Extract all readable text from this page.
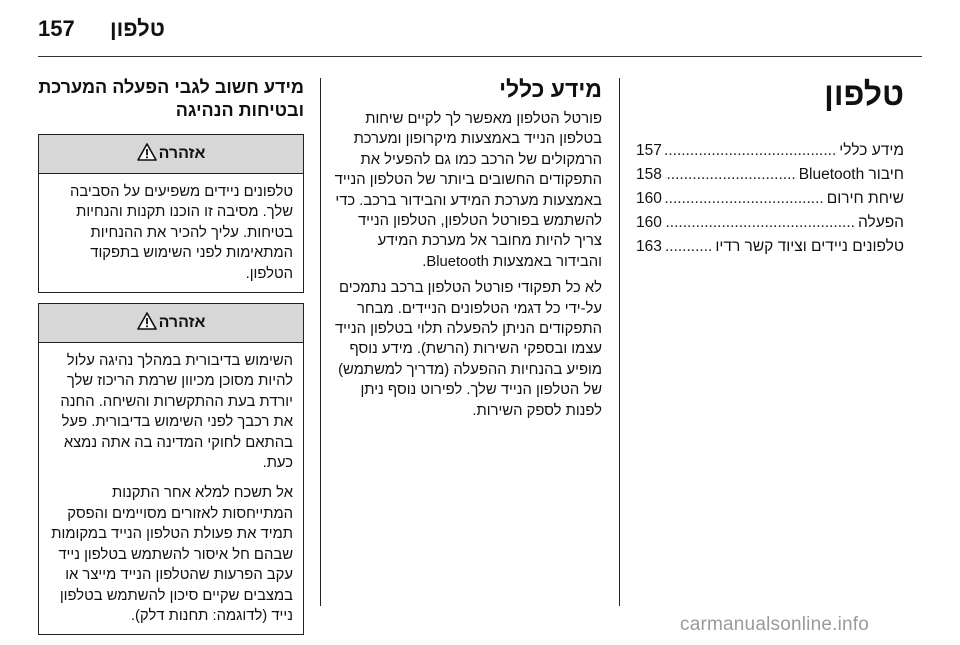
157 טלפון
טלפון
מידע כללי
.....
157
חיבור Bluetooth
.....
158
שיחת חירום
.....
160
הפעלה
.....
160
טלפונים ניידים וציוד קשר רדיו
.....
163
מידע כללי

פורטל הטלפון מאפשר לך לקיים שיחות בטלפון הנייד באמצעות מיקרופון ומערכת הרמקולים של הרכב כמו גם להפעיל את התפקודים החשובים ביותר של הטלפון הנייד באמצעות מערכת המידע והבידור ברכב. כדי להשתמש בפורטל הטלפון, הטלפון הנייד צריך להיות מחובר אל מערכת המידע והבידור באמצעות Bluetooth.

לא כל תפקודי פורטל הטלפון ברכב נתמכים על-ידי כל דגמי הטלפונים הניידים. מבחר התפקודים הניתן להפעלה תלוי בטלפון הנייד עצמו ובספקי השירות (הרשת). מידע נוסף מופיע בהנחיות ההפעלה (מדריך למשתמש) של הטלפון הנייד שלך. לפירוט נוסף ניתן לפנות לספק השירות.

מידע חשוב לגבי הפעלה המערכת ובטיחות הנהיגה
אזהרה

טלפונים ניידים משפיעים על הסביבה שלך. מסיבה זו הוכנו תקנות והנחיות בטיחות. עליך להכיר את ההנחיות המתאימות לפני השימוש בתפקוד הטלפון.

אזהרה

השימוש בדיבורית במהלך נהיגה עלול להיות מסוכן מכיוון שרמת הריכוז שלך יורדת בעת ההתקשרות והשיחה. החנה את רכבך לפני השימוש בדיבורית. פעל בהתאם לחוקי המדינה בה אתה נמצא כעת.

אל תשכח למלא אחר התקנות המתייחסות לאזורים מסויימים והפסק תמיד את פעולת הטלפון הנייד במקומות שבהם חל איסור להשתמש בטלפון נייד עקב הפרעות שהטלפון הנייד מייצר או במצבים שקיים סיכון להשתמש בטלפון נייד (לדוגמה: תחנות דלק).	carmanualsonline.info
